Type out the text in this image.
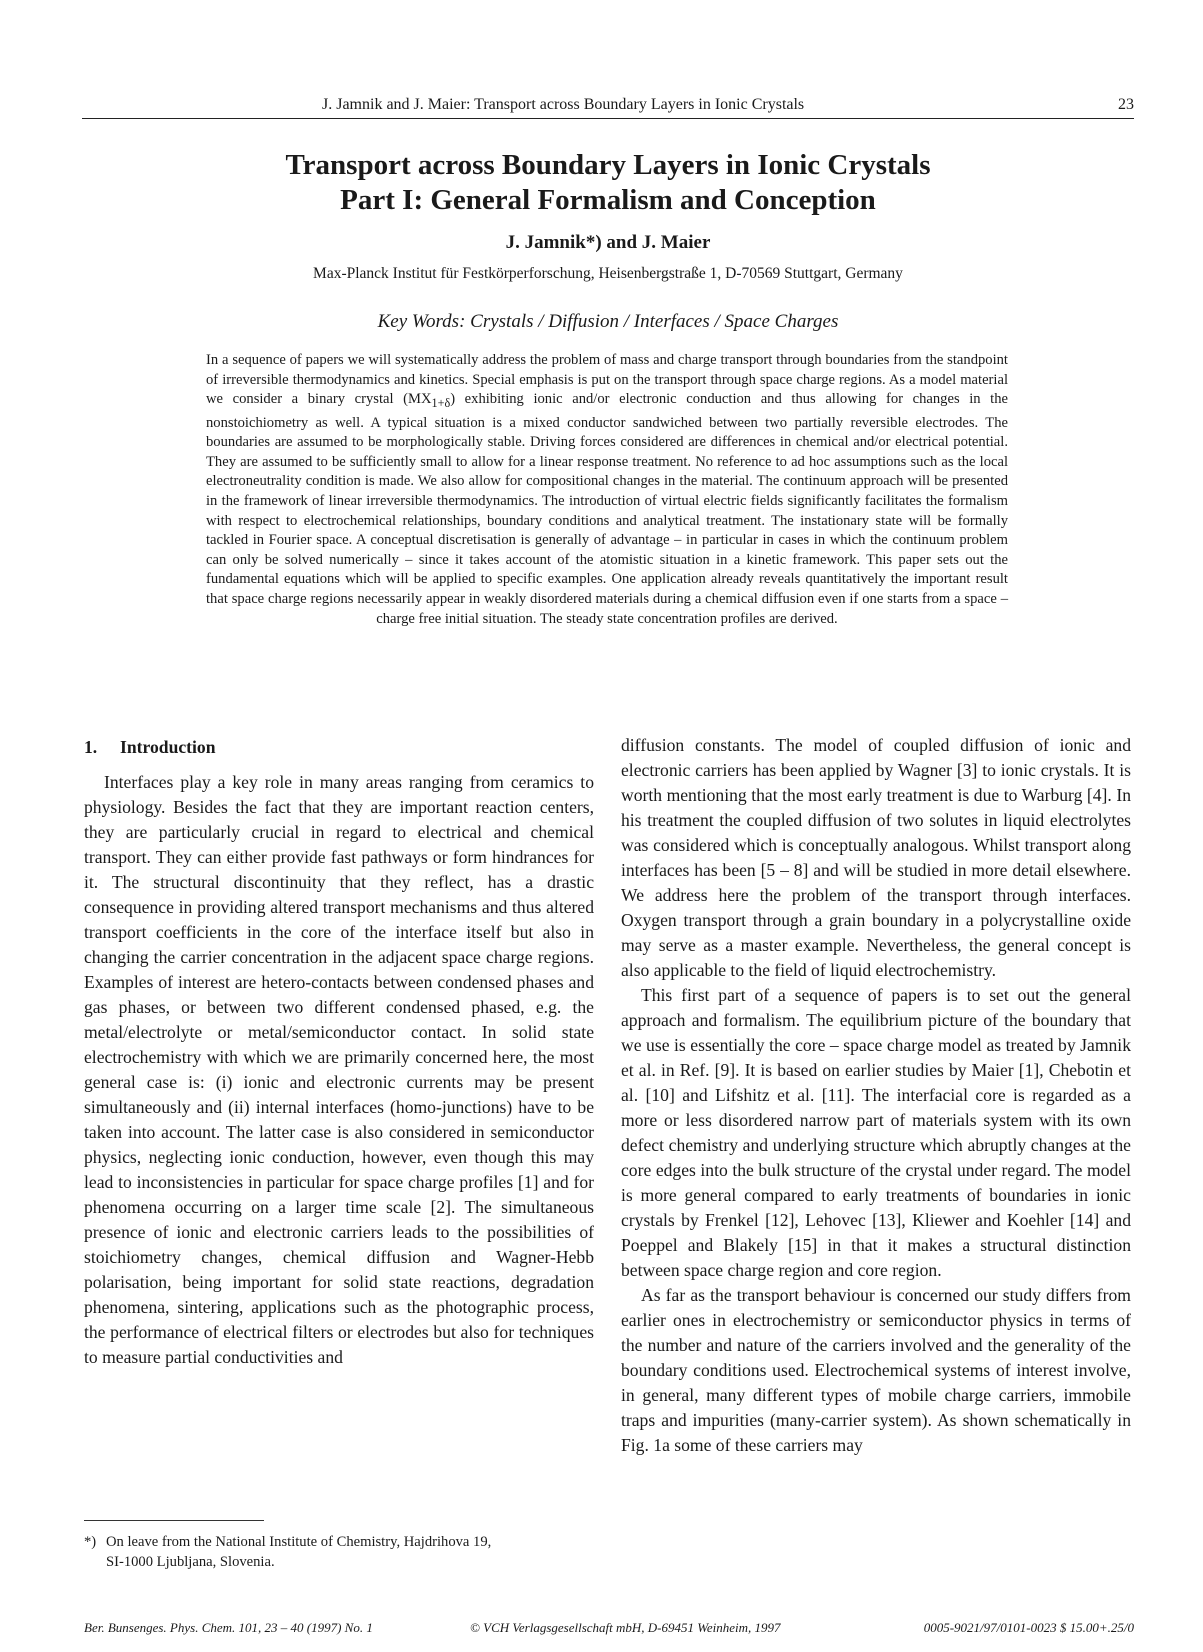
J. Jamnik and J. Maier: Transport across Boundary Layers in Ionic Crystals	23
Transport across Boundary Layers in Ionic Crystals
Part I: General Formalism and Conception
J. Jamnik*) and J. Maier
Max-Planck Institut für Festkörperforschung, Heisenbergstraße 1, D-70569 Stuttgart, Germany
Key Words: Crystals / Diffusion / Interfaces / Space Charges
In a sequence of papers we will systematically address the problem of mass and charge transport through boundaries from the standpoint of irreversible thermodynamics and kinetics. Special emphasis is put on the transport through space charge regions. As a model material we consider a binary crystal $(MX_{1+\delta})$ exhibiting ionic and/or electronic conduction and thus allowing for changes in the nonstoichiometry as well. A typical situation is a mixed conductor sandwiched between two partially reversible electrodes. The boundaries are assumed to be morphologically stable. Driving forces considered are differences in chemical and/or electrical potential. They are assumed to be sufficiently small to allow for a linear response treatment. No reference to ad hoc assumptions such as the local electroneutrality condition is made. We also allow for compositional changes in the material. The continuum approach will be presented in the framework of linear irreversible thermodynamics. The introduction of virtual electric fields significantly facilitates the formalism with respect to electrochemical relationships, boundary conditions and analytical treatment. The instationary state will be formally tackled in Fourier space. A conceptual discretisation is generally of advantage – in particular in cases in which the continuum problem can only be solved numerically – since it takes account of the atomistic situation in a kinetic framework. This paper sets out the fundamental equations which will be applied to specific examples. One application already reveals quantitatively the important result that space charge regions necessarily appear in weakly disordered materials during a chemical diffusion even if one starts from a space – charge free initial situation. The steady state concentration profiles are derived.
1. Introduction

Interfaces play a key role in many areas ranging from ceramics to physiology. Besides the fact that they are important reaction centers, they are particularly crucial in regard to electrical and chemical transport. They can either provide fast pathways or form hindrances for it. The structural discontinuity that they reflect, has a drastic consequence in providing altered transport mechanisms and thus altered transport coefficients in the core of the interface itself but also in changing the carrier concentration in the adjacent space charge regions. Examples of interest are hetero-contacts between condensed phases and gas phases, or between two different condensed phased, e.g. the metal/electrolyte or metal/semiconductor contact. In solid state electrochemistry with which we are primarily concerned here, the most general case is: (i) ionic and electronic currents may be present simultaneously and (ii) internal interfaces (homo-junctions) have to be taken into account. The latter case is also considered in semiconductor physics, neglecting ionic conduction, however, even though this may lead to inconsistencies in particular for space charge profiles [1] and for phenomena occurring on a larger time scale [2]. The simultaneous presence of ionic and electronic carriers leads to the possibilities of stoichiometry changes, chemical diffusion and Wagner-Hebb polarisation, being important for solid state reactions, degradation phenomena, sintering, applications such as the photographic process, the performance of electrical filters or electrodes but also for techniques to measure partial conductivities and

diffusion constants. The model of coupled diffusion of ionic and electronic carriers has been applied by Wagner [3] to ionic crystals. It is worth mentioning that the most early treatment is due to Warburg [4]. In his treatment the coupled diffusion of two solutes in liquid electrolytes was considered which is conceptually analogous. Whilst transport along interfaces has been [5 – 8] and will be studied in more detail elsewhere. We address here the problem of the transport through interfaces. Oxygen transport through a grain boundary in a polycrystalline oxide may serve as a master example. Nevertheless, the general concept is also applicable to the field of liquid electrochemistry.

This first part of a sequence of papers is to set out the general approach and formalism. The equilibrium picture of the boundary that we use is essentially the core – space charge model as treated by Jamnik et al. in Ref. [9]. It is based on earlier studies by Maier [1], Chebotin et al. [10] and Lifshitz et al. [11]. The interfacial core is regarded as a more or less disordered narrow part of materials system with its own defect chemistry and underlying structure which abruptly changes at the core edges into the bulk structure of the crystal under regard. The model is more general compared to early treatments of boundaries in ionic crystals by Frenkel [12], Lehovec [13], Kliewer and Koehler [14] and Poeppel and Blakely [15] in that it makes a structural distinction between space charge region and core region.

As far as the transport behaviour is concerned our study differs from earlier ones in electrochemistry or semiconductor physics in terms of the number and nature of the carriers involved and the generality of the boundary conditions used. Electrochemical systems of interest involve, in general, many different types of mobile charge carriers, immobile traps and impurities (many-carrier system). As shown schematically in Fig. 1a some of these carriers may

*) On leave from the National Institute of Chemistry, Hajdrihova 19,
SI-1000 Ljubljana, Slovenia.
Ber. Bunsenges. Phys. Chem. 101, 23 – 40 (1997) No. 1	© VCH Verlagsgesellschaft mbH, D-69451 Weinheim, 1997	0005-9021/97/0101-0023 $ 15.00+.25/0
